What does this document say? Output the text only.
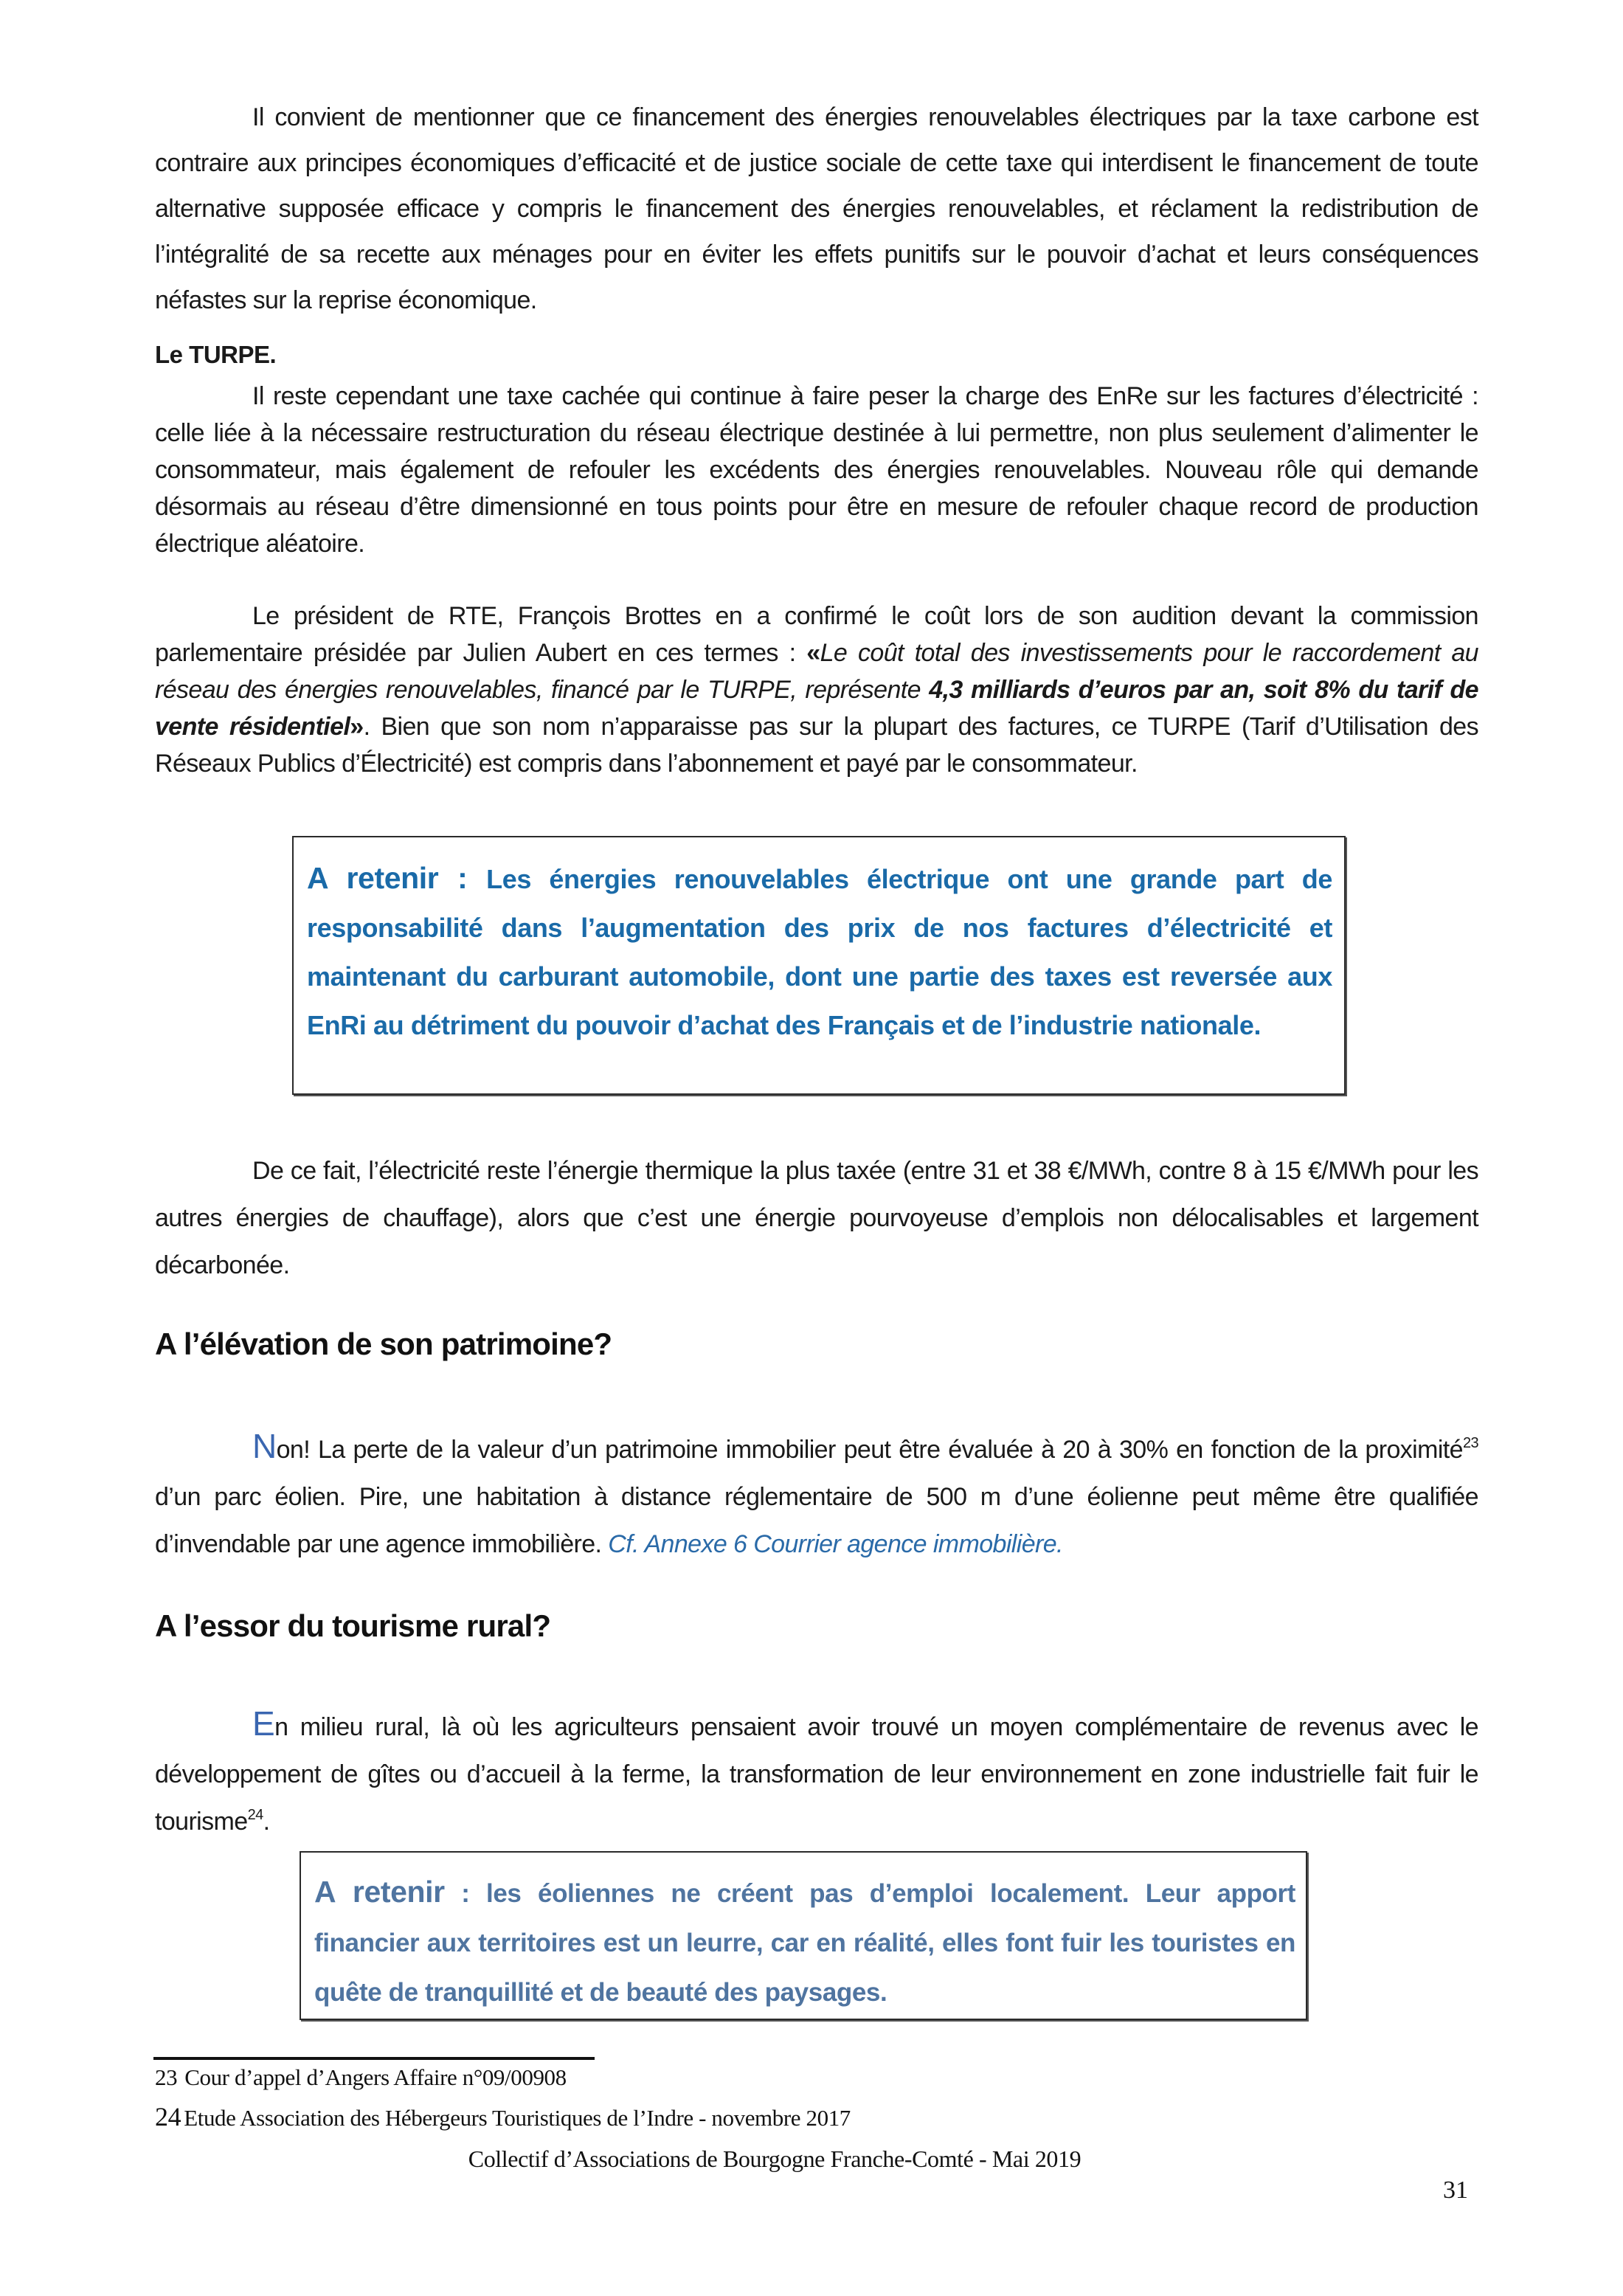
Il convient de mentionner que ce financement des énergies renouvelables électriques par la taxe carbone est contraire aux principes économiques d’efficacité et de justice sociale de cette taxe qui interdisent le financement de toute alternative supposée efficace y compris le financement des énergies renouvelables, et réclament la redistribution de l’intégralité de sa recette aux ménages pour en éviter les effets punitifs sur le pouvoir d’achat et leurs conséquences néfastes sur la reprise économique.

Le TURPE.

Il reste cependant une taxe cachée qui continue à faire peser la charge des EnRe sur les factures d’électricité : celle liée à la nécessaire restructuration du réseau électrique destinée à lui permettre, non plus seulement d’alimenter le consommateur, mais également de refouler les excédents des énergies renouvelables. Nouveau rôle qui demande désormais au réseau d’être dimensionné en tous points pour être en mesure de refouler chaque record de production électrique aléatoire.

Le président de RTE, François Brottes en a confirmé le coût lors de son audition devant la commission parlementaire présidée par Julien Aubert en ces termes : «Le coût total des investissements pour le raccordement au réseau des énergies renouvelables, financé par le TURPE, représente 4,3 milliards d’euros par an, soit 8% du tarif de vente résidentiel». Bien que son nom n’apparaisse pas sur la plupart des factures, ce TURPE (Tarif d’Utilisation des Réseaux Publics d’Électricité) est compris dans l’abonnement et payé par le consommateur.

A retenir : Les énergies renouvelables électrique ont une grande part de responsabilité dans l’augmentation des prix de nos factures d’électricité et maintenant du carburant automobile, dont une partie des taxes est reversée aux EnRi au détriment du pouvoir d’achat des Français et de l’industrie nationale.

De ce fait, l’électricité reste l’énergie thermique la plus taxée (entre 31 et 38 €/MWh, contre 8 à 15 €/MWh pour les autres énergies de chauffage), alors que c’est une énergie pourvoyeuse d’emplois non délocalisables et largement décarbonée.

A l’élévation de son patrimoine?

Non! La perte de la valeur d’un patrimoine immobilier peut être évaluée à 20 à 30% en fonction de la proximité$^{23}$ d’un parc éolien. Pire, une habitation à distance réglementaire de 500 m d’une éolienne peut même être qualifiée d’invendable par une agence immobilière. Cf. Annexe 6 Courrier agence immobilière.

A l’essor du tourisme rural?

En milieu rural, là où les agriculteurs pensaient avoir trouvé un moyen complémentaire de revenus avec le développement de gîtes ou d’accueil à la ferme, la transformation de leur environnement en zone industrielle fait fuir le tourisme$^{24}$.

A retenir : les éoliennes ne créent pas d’emploi localement. Leur apport financier aux territoires est un leurre, car en réalité, elles font fuir les touristes en quête de tranquillité et de beauté des paysages.
23 Cour d’appel d’Angers Affaire n°09/00908
24 Etude Association des Hébergeurs Touristiques de l’Indre - novembre 2017
Collectif d’Associations de Bourgogne Franche-Comté - Mai 2019
31
